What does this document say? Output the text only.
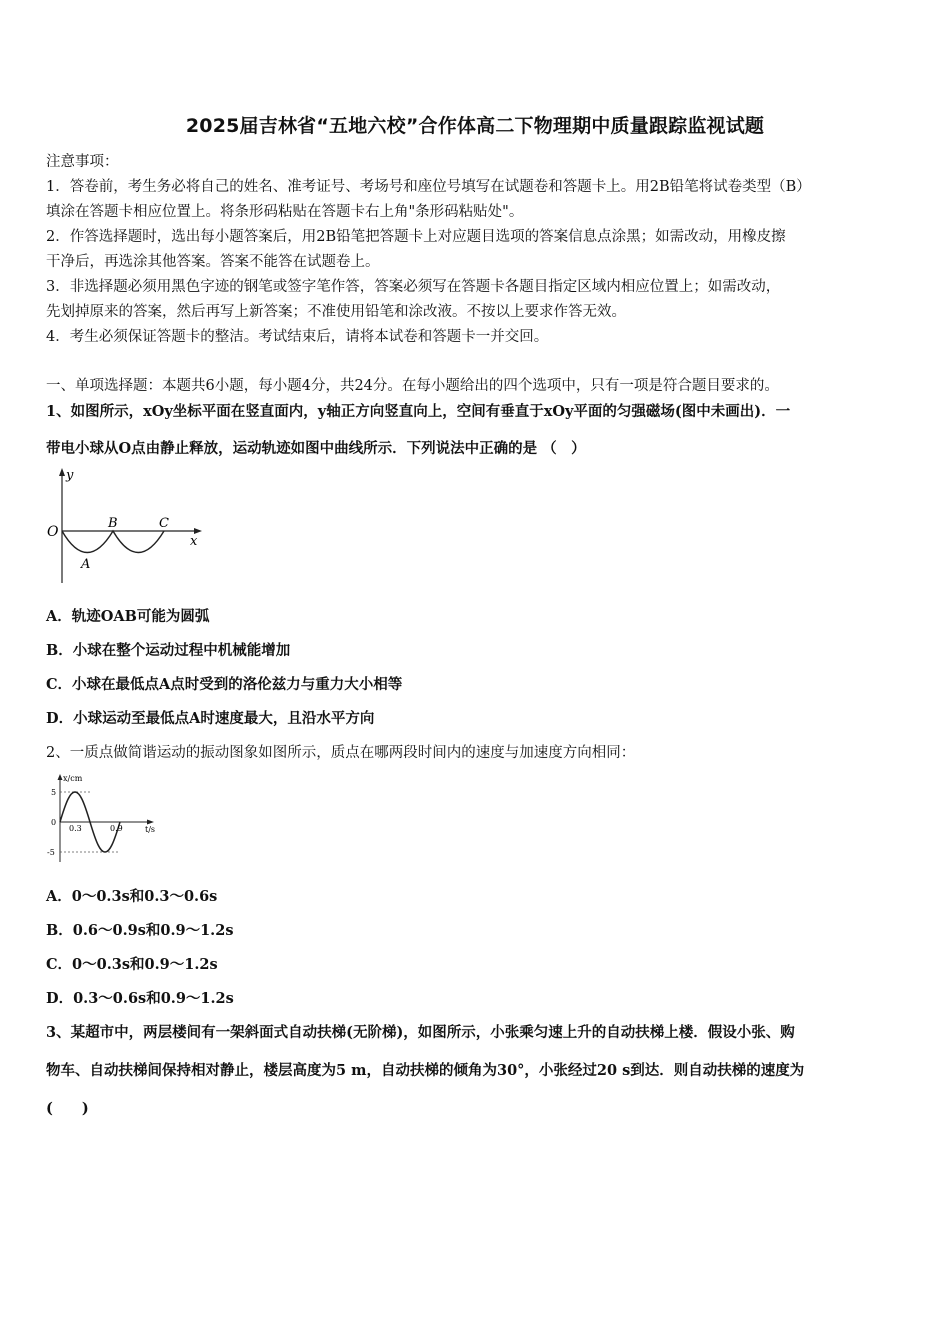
2025届吉林省“五地六校”合作体高二下物理期中质量跟踪监视试题
注意事项：
1．答卷前，考生务必将自己的姓名、准考证号、考场号和座位号填写在试题卷和答题卡上。用2B铅笔将试卷类型（B）
填涂在答题卡相应位置上。将条形码粘贴在答题卡右上角"条形码粘贴处"。
2．作答选择题时，选出每小题答案后，用2B铅笔把答题卡上对应题目选项的答案信息点涂黑；如需改动，用橡皮擦
干净后，再选涂其他答案。答案不能答在试题卷上。
3．非选择题必须用黑色字迹的钢笔或签字笔作答，答案必须写在答题卡各题目指定区域内相应位置上；如需改动，
先划掉原来的答案，然后再写上新答案；不准使用铅笔和涂改液。不按以上要求作答无效。
4．考生必须保证答题卡的整洁。考试结束后，请将本试卷和答题卡一并交回。
一、单项选择题：本题共6小题，每小题4分，共24分。在每小题给出的四个选项中，只有一项是符合题目要求的。
1、如图所示，xOy坐标平面在竖直面内，y轴正方向竖直向上，空间有垂直于xOy平面的匀强磁场(图中未画出)．一
带电小球从O点由静止释放，运动轨迹如图中曲线所示．下列说法中正确的是 （　）
y
O
A
B	C
x
A．轨迹OAB可能为圆弧
B．小球在整个运动过程中机械能增加
C．小球在最低点A点时受到的洛伦兹力与重力大小相等
D．小球运动至最低点A时速度最大，且沿水平方向
2、一质点做简谐运动的振动图象如图所示，质点在哪两段时间内的速度与加速度方向相同：
x/cm
5
0
-5
0.3	0.9	t/s
A．0～0.3s和0.3～0.6s
B．0.6～0.9s和0.9～1.2s
C．0～0.3s和0.9～1.2s
D．0.3～0.6s和0.9～1.2s
3、某超市中，两层楼间有一架斜面式自动扶梯(无阶梯)，如图所示，小张乘匀速上升的自动扶梯上楼．假设小张、购
物车、自动扶梯间保持相对静止，楼层高度为5 m，自动扶梯的倾角为30°，小张经过20 s到达．则自动扶梯的速度为
(　　)
